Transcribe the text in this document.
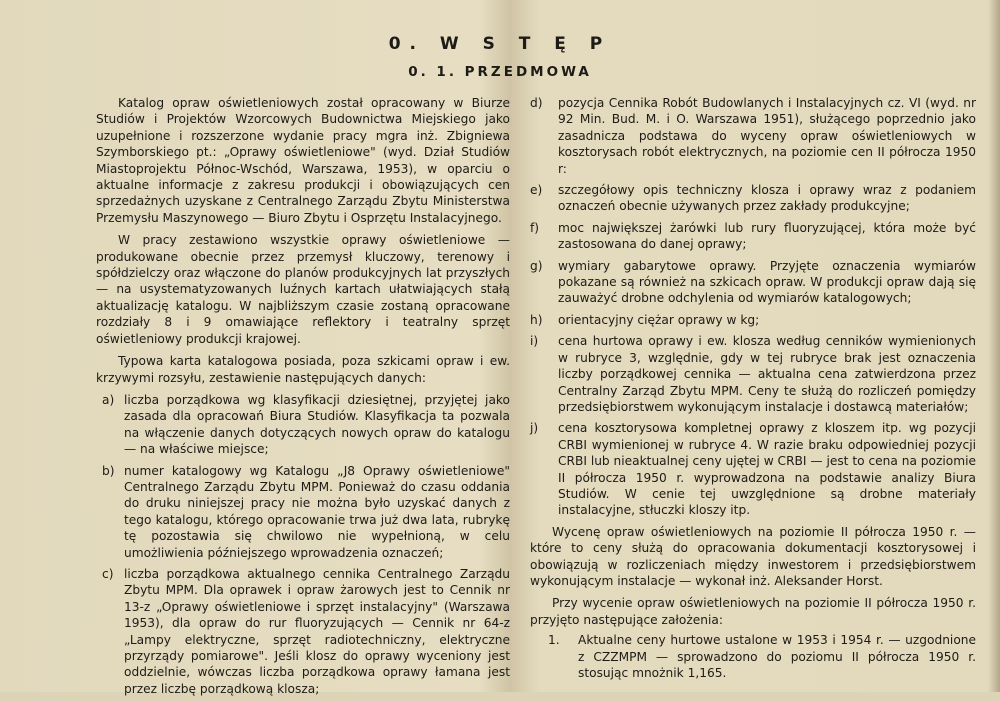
0. W S T Ę P
0. 1. PRZEDMOWA

Katalog opraw oświetleniowych został opracowany w Biurze Studiów i Projektów Wzorcowych Budownictwa Miejskiego jako uzupełnione i rozszerzone wydanie pracy mgra inż. Zbigniewa Szymborskiego pt.: „Oprawy oświetleniowe" (wyd. Dział Studiów Miastoprojektu Północ-Wschód, Warszawa, 1953), w oparciu o aktualne informacje z zakresu produkcji i obowiązujących cen sprzedażnych uzyskane z Centralnego Zarządu Zbytu Ministerstwa Przemysłu Maszynowego — Biuro Zbytu i Osprzętu Instalacyjnego.

W pracy zestawiono wszystkie oprawy oświetleniowe — produkowane obecnie przez przemysł kluczowy, terenowy i spółdzielczy oraz włączone do planów produkcyjnych lat przyszłych — na usystematyzowanych luźnych kartach ułatwiających stałą aktualizację katalogu. W najbliższym czasie zostaną opracowane rozdziały 8 i 9 omawiające reflektory i teatralny sprzęt oświetleniowy produkcji krajowej.

Typowa karta katalogowa posiada, poza szkicami opraw i ew. krzywymi rozsyłu, zestawienie następujących danych:

a) liczba porządkowa wg klasyfikacji dziesiętnej, przyjętej jako zasada dla opracowań Biura Studiów. Klasyfikacja ta pozwala na włączenie danych dotyczących nowych opraw do katalogu — na właściwe miejsce;
b) numer katalogowy wg Katalogu „J8 Oprawy oświetleniowe" Centralnego Zarządu Zbytu MPM. Ponieważ do czasu oddania do druku niniejszej pracy nie można było uzyskać danych z tego katalogu, którego opracowanie trwa już dwa lata, rubrykę tę pozostawia się chwilowo nie wypełnioną, w celu umożliwienia późniejszego wprowadzenia oznaczeń;
c) liczba porządkowa aktualnego cennika Centralnego Zarządu Zbytu MPM. Dla oprawek i opraw żarowych jest to Cennik nr 13-z „Oprawy oświetleniowe i sprzęt instalacyjny" (Warszawa 1953), dla opraw do rur fluoryzujących — Cennik nr 64-z „Lampy elektryczne, sprzęt radiotechniczny, elektryczne przyrządy pomiarowe". Jeśli klosz do oprawy wyceniony jest oddzielnie, wówczas liczba porządkowa oprawy łamana jest przez liczbę porządkową klosza;
d)	pozycja Cennika Robót Budowlanych i Instalacyjnych cz. VI (wyd. nr 92 Min. Bud. M. i O. Warszawa 1951), służącego poprzednio jako zasadnicza podstawa do wyceny opraw oświetleniowych w kosztorysach robót elektrycznych, na poziomie cen II półrocza 1950 r:
e)	szczegółowy opis techniczny klosza i oprawy wraz z podaniem oznaczeń obecnie używanych przez zakłady produkcyjne;
f)	moc największej żarówki lub rury fluoryzującej, która może być zastosowana do danej oprawy;
g)	wymiary gabarytowe oprawy. Przyjęte oznaczenia wymiarów pokazane są również na szkicach opraw. W produkcji opraw dają się zauważyć drobne odchylenia od wymiarów katalogowych;
h)	orientacyjny ciężar oprawy w kg;
i)	cena hurtowa oprawy i ew. klosza według cenników wymienionych w rubryce 3, względnie, gdy w tej rubryce brak jest oznaczenia liczby porządkowej cennika — aktualna cena zatwierdzona przez Centralny Zarząd Zbytu MPM. Ceny te służą do rozliczeń pomiędzy przedsiębiorstwem wykonującym instalacje i dostawcą materiałów;
j)	cena kosztorysowa kompletnej oprawy z kloszem itp. wg pozycji CRBI wymienionej w rubryce 4. W razie braku odpowiedniej pozycji CRBI lub nieaktualnej ceny ujętej w CRBI — jest to cena na poziomie II półrocza 1950 r. wyprowadzona na podstawie analizy Biura Studiów. W cenie tej uwzględnione są drobne materiały instalacyjne, stłuczki kloszy itp.

Wycenę opraw oświetleniowych na poziomie II półrocza 1950 r. — które to ceny służą do opracowania dokumentacji kosztorysowej i obowiązują w rozliczeniach między inwestorem i przedsiębiorstwem wykonującym instalacje — wykonał inż. Aleksander Horst.

Przy wycenie opraw oświetleniowych na poziomie II półrocza 1950 r. przyjęto następujące założenia:

1.	Aktualne ceny hurtowe ustalone w 1953 i 1954 r. — uzgodnione z CZZMPM — sprowadzono do poziomu II półrocza 1950 r. stosując mnożnik 1,165.
